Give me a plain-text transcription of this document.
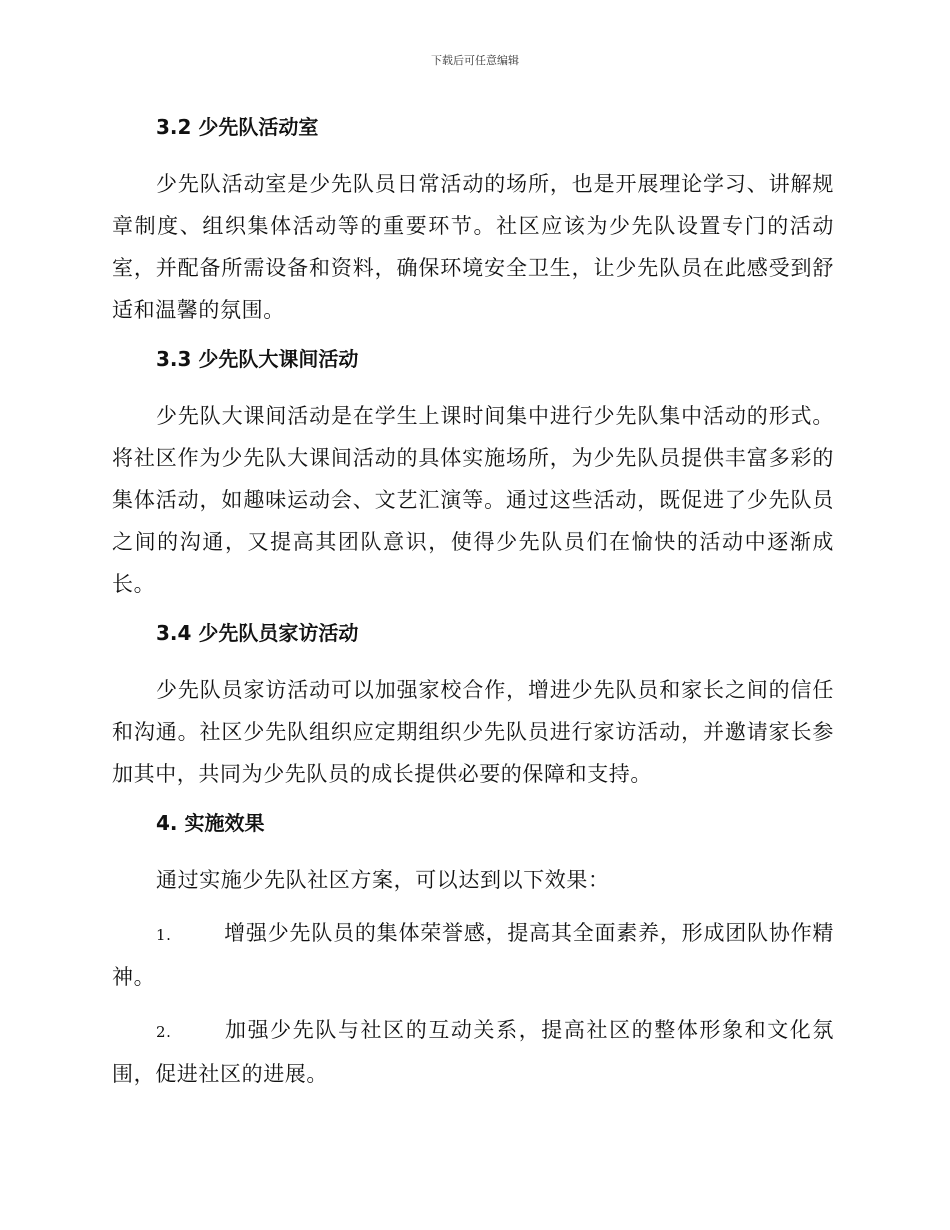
下载后可任意编辑
3.2 少先队活动室

少先队活动室是少先队员日常活动的场所，也是开展理论学习、讲解规章制度、组织集体活动等的重要环节。社区应该为少先队设置专门的活动室，并配备所需设备和资料，确保环境安全卫生，让少先队员在此感受到舒适和温馨的氛围。

3.3 少先队大课间活动

少先队大课间活动是在学生上课时间集中进行少先队集中活动的形式。将社区作为少先队大课间活动的具体实施场所，为少先队员提供丰富多彩的集体活动，如趣味运动会、文艺汇演等。通过这些活动，既促进了少先队员之间的沟通，又提高其团队意识，使得少先队员们在愉快的活动中逐渐成长。

3.4 少先队员家访活动

少先队员家访活动可以加强家校合作，增进少先队员和家长之间的信任和沟通。社区少先队组织应定期组织少先队员进行家访活动，并邀请家长参加其中，共同为少先队员的成长提供必要的保障和支持。

4. 实施效果

通过实施少先队社区方案，可以达到以下效果：

1. 增强少先队员的集体荣誉感，提高其全面素养，形成团队协作精神。

2. 加强少先队与社区的互动关系，提高社区的整体形象和文化氛围，促进社区的进展。
